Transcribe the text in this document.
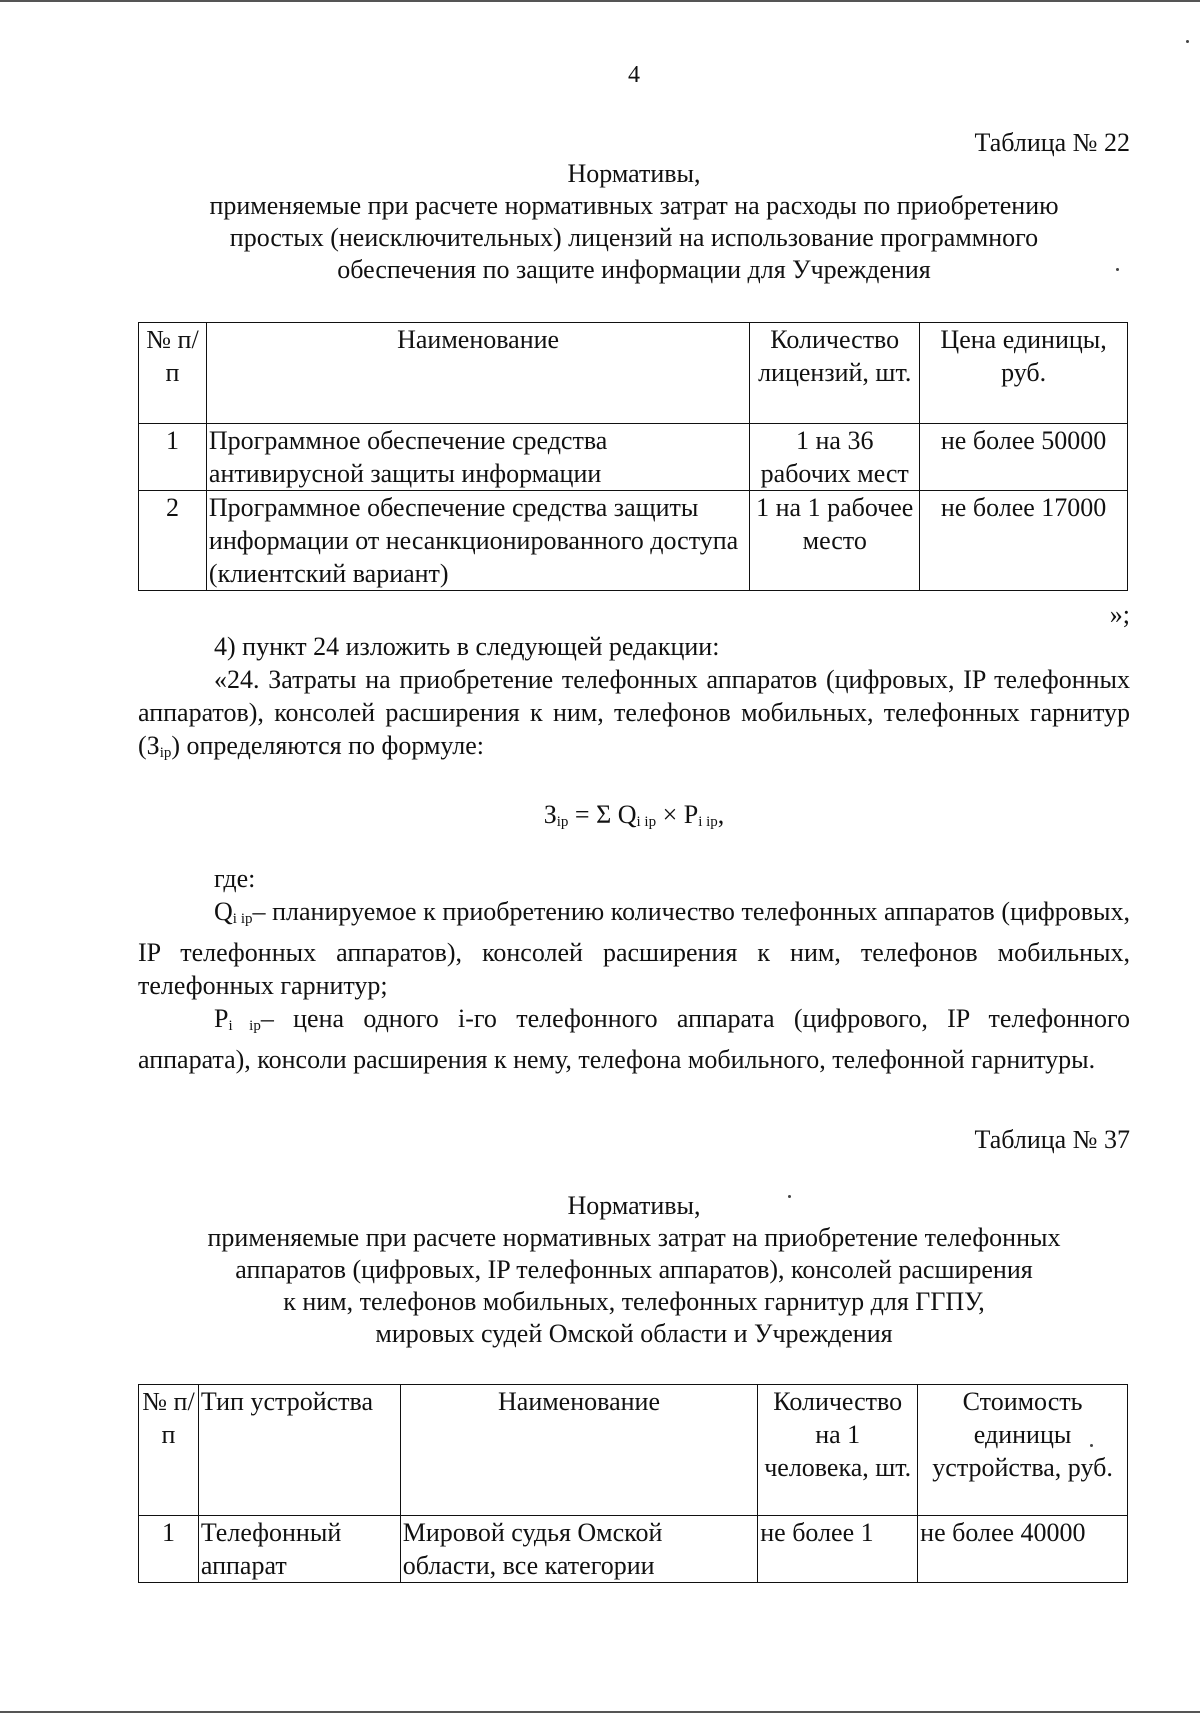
4
Таблица № 22
Нормативы,
применяемые при расчете нормативных затрат на расходы по приобретению
простых (неисключительных) лицензий на использование программного
обеспечения по защите информации для Учреждения
№ п/п	Наименование	Количество лицензий, шт.	Цена единицы, руб.
1	Программное обеспечение средства антивирусной защиты информации	1 на 36 рабочих мест	не более 50000
2	Программное обеспечение средства защиты информации от несанкционированного доступа (клиентский вариант)	1 на 1 рабочее место	не более 17000
»;
4) пункт 24 изложить в следующей редакции:
«24. Затраты на приобретение телефонных аппаратов (цифровых, IP телефонных аппаратов), консолей расширения к ним, телефонов мобильных, телефонных гарнитур $(З_{ip})$ определяются по формуле:
$З_{ip} = \Sigma$ $Q_{i ip} \times P_{i ip}$,
где:
$Q_{i ip}-$ планируемое к приобретению количество телефонных аппаратов (цифровых, IP телефонных аппаратов), консолей расширения к ним, телефонов мобильных, телефонных гарнитур;
$P_{i ip}-$ цена одного i-го телефонного аппарата (цифрового, IP телефонного аппарата), консоли расширения к нему, телефона мобильного, телефонной гарнитуры.
Таблица № 37
Нормативы,
применяемые при расчете нормативных затрат на приобретение телефонных
аппаратов (цифровых, IP телефонных аппаратов), консолей расширения
к ним, телефонов мобильных, телефонных гарнитур для ГГПУ,
мировых судей Омской области и Учреждения
№ п/п	Тип устройства	Наименование	Количество на 1 человека, шт.	Стоимость единицы устройства, руб.
1	Телефонный аппарат	Мировой судья Омской области, все категории	не более 1	не более 40000
